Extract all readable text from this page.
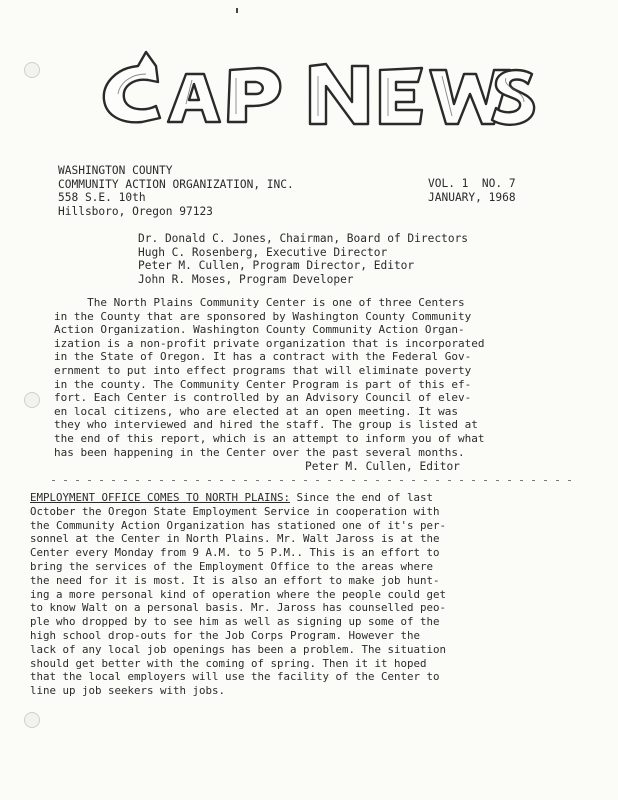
WASHINGTON COUNTY
COMMUNITY ACTION ORGANIZATION, INC.
558 S.E. 10th
Hillsboro, Oregon 97123
VOL. 1  NO. 7
JANUARY, 1968
Dr. Donald C. Jones, Chairman, Board of Directors
Hugh C. Rosenberg, Executive Director
Peter M. Cullen, Program Director, Editor
John R. Moses, Program Developer
The North Plains Community Center is one of three Centers
in the County that are sponsored by Washington County Community
Action Organization. Washington County Community Action Organ-
ization is a non-profit private organization that is incorporated
in the State of Oregon. It has a contract with the Federal Gov-
ernment to put into effect programs that will eliminate poverty
in the county. The Community Center Program is part of this ef-
fort. Each Center is controlled by an Advisory Council of elev-
en local citizens, who are elected at an open meeting. It was
they who interviewed and hired the staff. The group is listed at
the end of this report, which is an attempt to inform you of what
has been happening in the Center over the past several months.
Peter M. Cullen, Editor
EMPLOYMENT OFFICE COMES TO NORTH PLAINS: Since the end of last
October the Oregon State Employment Service in cooperation with
the Community Action Organization has stationed one of it's per-
sonnel at the Center in North Plains. Mr. Walt Jaross is at the
Center every Monday from 9 A.M. to 5 P.M.. This is an effort to
bring the services of the Employment Office to the areas where
the need for it is most. It is also an effort to make job hunt-
ing a more personal kind of operation where the people could get
to know Walt on a personal basis. Mr. Jaross has counselled peo-
ple who dropped by to see him as well as signing up some of the
high school drop-outs for the Job Corps Program. However the
lack of any local job openings has been a problem. The situation
should get better with the coming of spring. Then it it hoped
that the local employers will use the facility of the Center to
line up job seekers with jobs.
